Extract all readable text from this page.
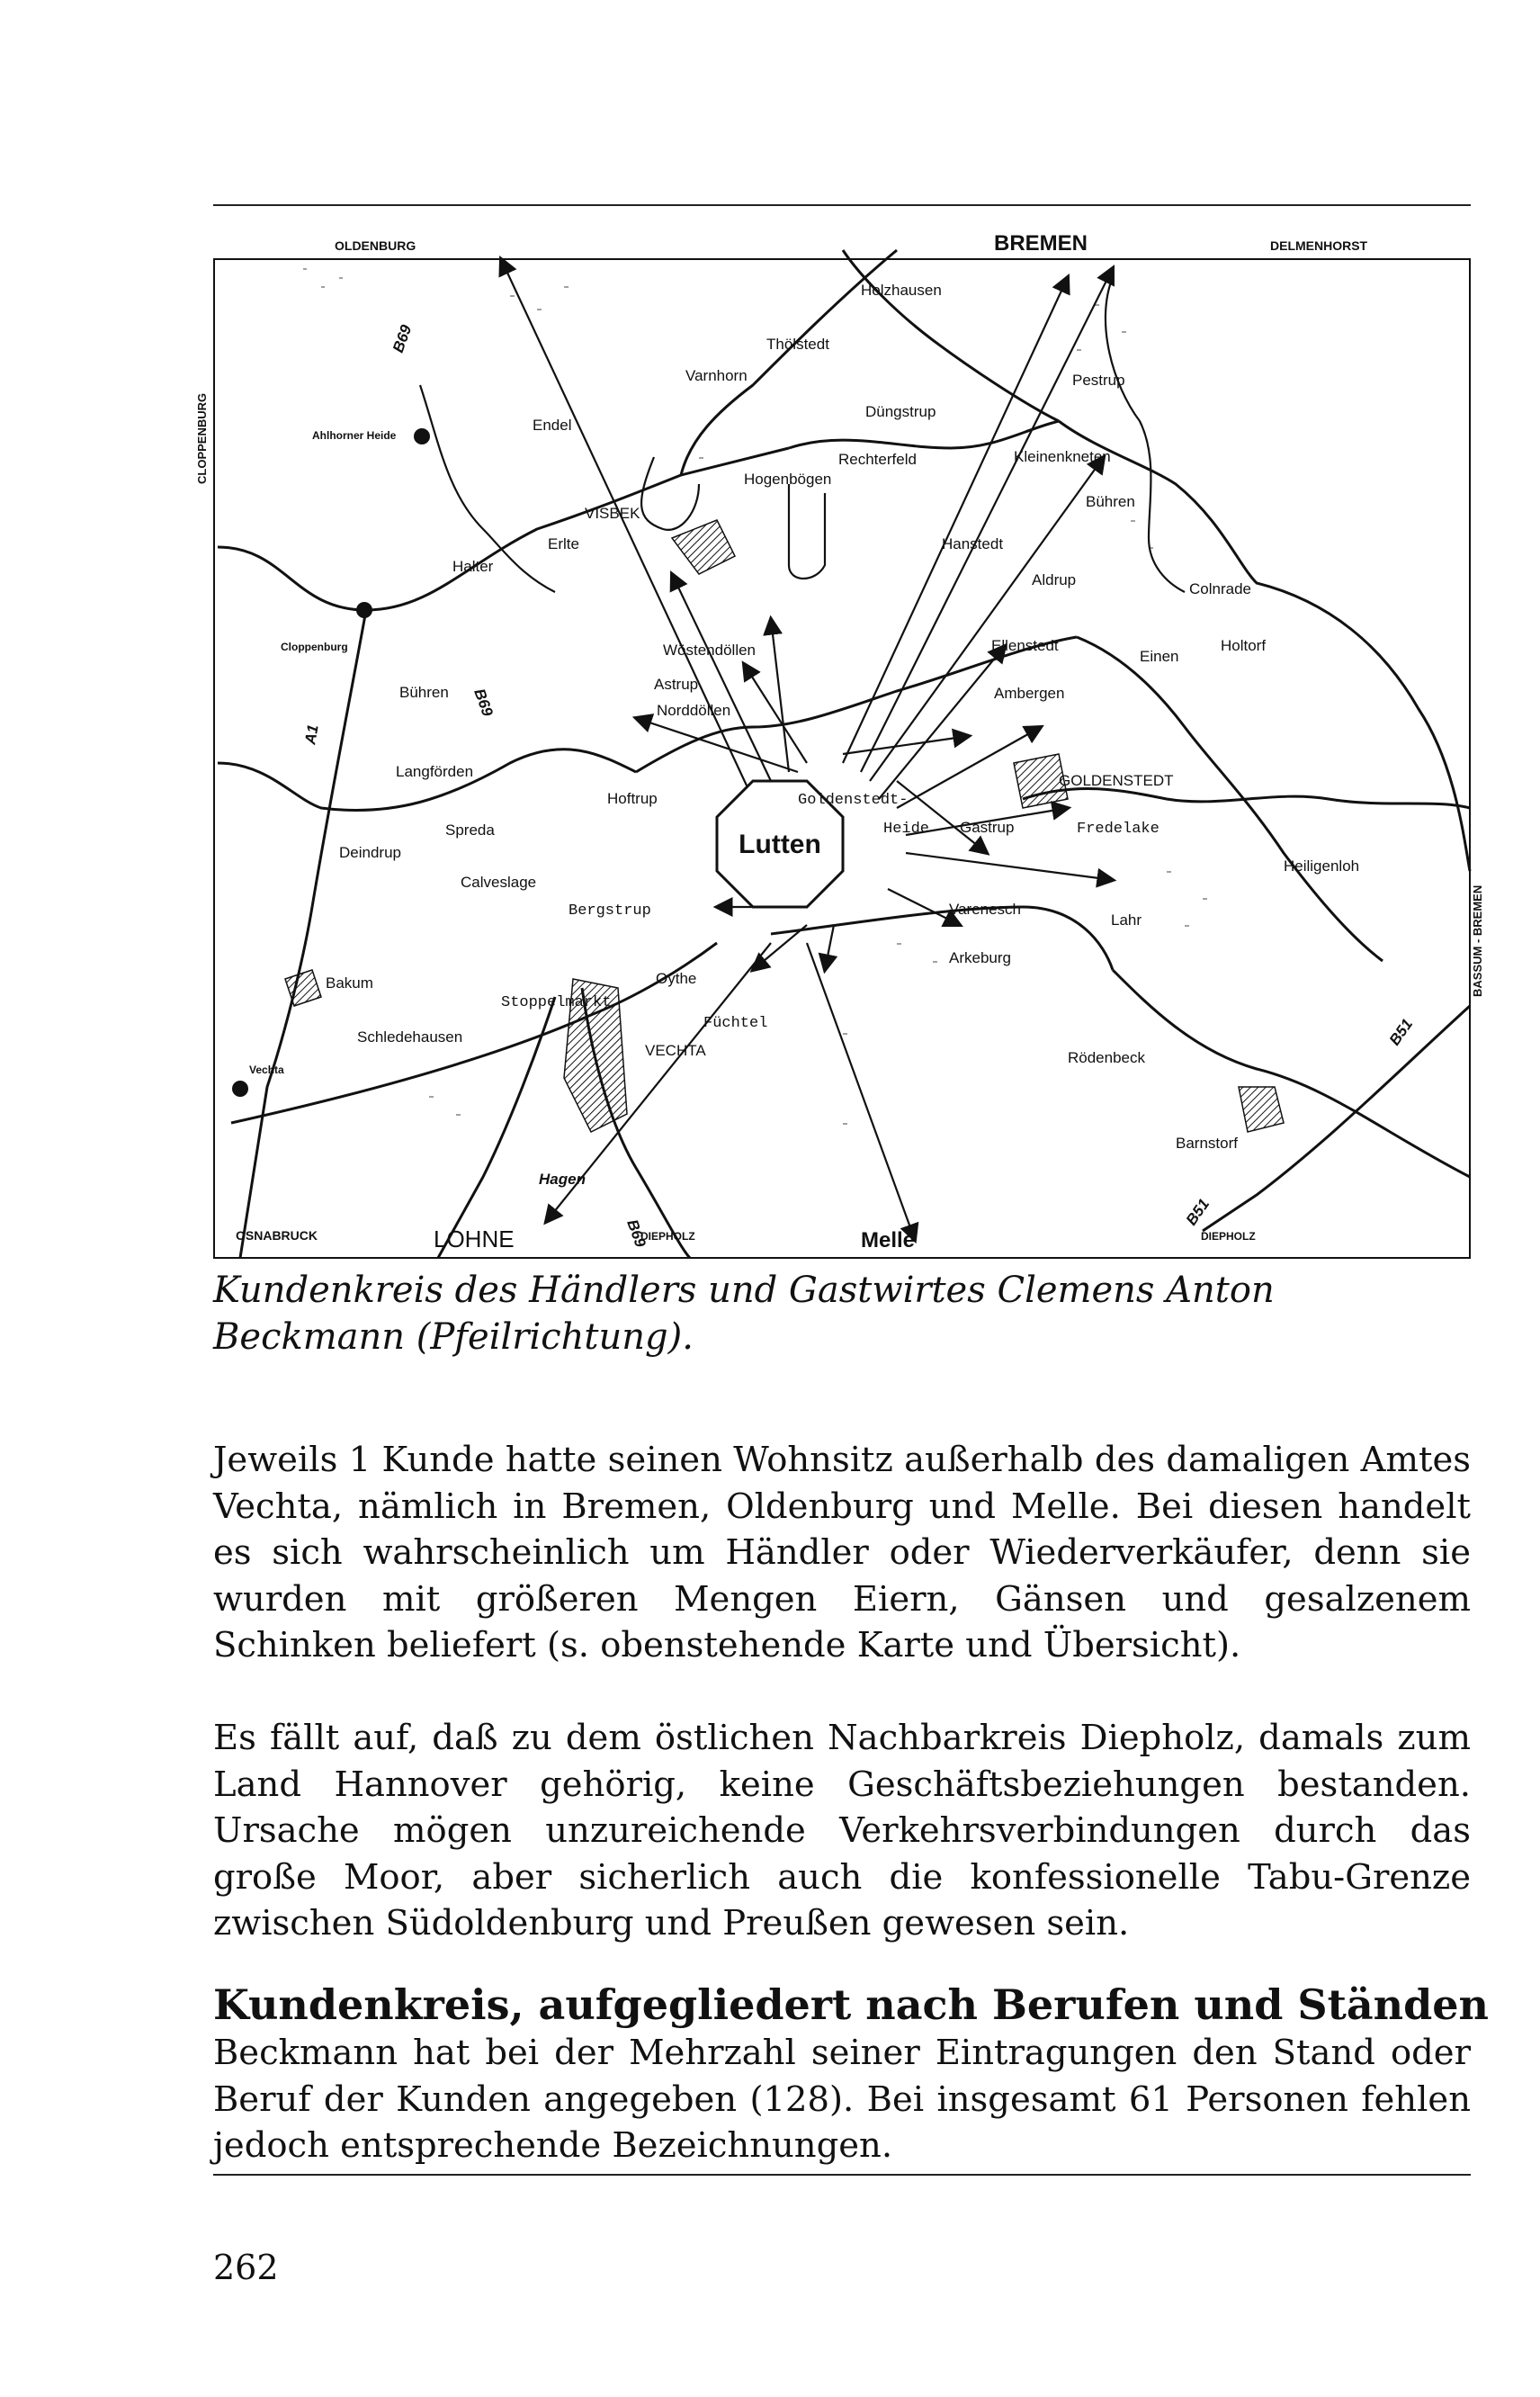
Lutten
OLDENBURG	BREMEN	DELMENHORST
CLOPPENBURG
BASSUM - BREMEN
OSNABRUCK	LOHNE	DIEPHOLZ	Melle	DIEPHOLZ
Holzhausen
Thölstedt
Varnhorn
Düngstrup
Pestrup
Endel
Ahlhorner Heide
Rechterfeld	Kleinenkneten
Hogenbögen
VISBEK
Bühren
Hanstedt
Erlte
Halter
Aldrup
Colnrade
Wöstendöllen	Ellenstedt
Einen
Holtorf
Cloppenburg
Bühren	Astrup
Norddöllen
Ambergen
Langförden
Hoftrup	Goldenstedt-
GOLDENSTEDT
Spreda	Heide Gastrup	Fredelake
Deindrup
Calveslage
Bergstrup
Heiligenloh
Varenesch
Lahr
Bakum
Arkeburg
Stoppelmarkt
Oythe
Füchtel
Schledehausen
VECHTA	Rödenbeck
Vechta
Barnstorf
Hagen
B69
B69
A1
B69
B51
B51

Kundenkreis des Händlers und Gastwirtes Clemens Anton Beckmann (Pfeilrichtung).

Jeweils 1 Kunde hatte seinen Wohnsitz außerhalb des damaligen Amtes Vechta, nämlich in Bremen, Oldenburg und Melle. Bei diesen handelt es sich wahrscheinlich um Händler oder Wiederverkäufer, denn sie wurden mit größeren Mengen Eiern, Gänsen und gesalzenem Schinken beliefert (s. obenstehende Karte und Übersicht).

Es fällt auf, daß zu dem östlichen Nachbarkreis Diepholz, damals zum Land Hannover gehörig, keine Geschäftsbeziehungen bestanden. Ursache mögen unzureichende Verkehrsverbindungen durch das große Moor, aber sicherlich auch die konfessionelle Tabu-Grenze zwischen Südoldenburg und Preußen gewesen sein.

Kundenkreis, aufgegliedert nach Berufen und Ständen

Beckmann hat bei der Mehrzahl seiner Eintragungen den Stand oder Beruf der Kunden angegeben (128). Bei insgesamt 61 Personen fehlen jedoch entsprechende Bezeichnungen.

262
